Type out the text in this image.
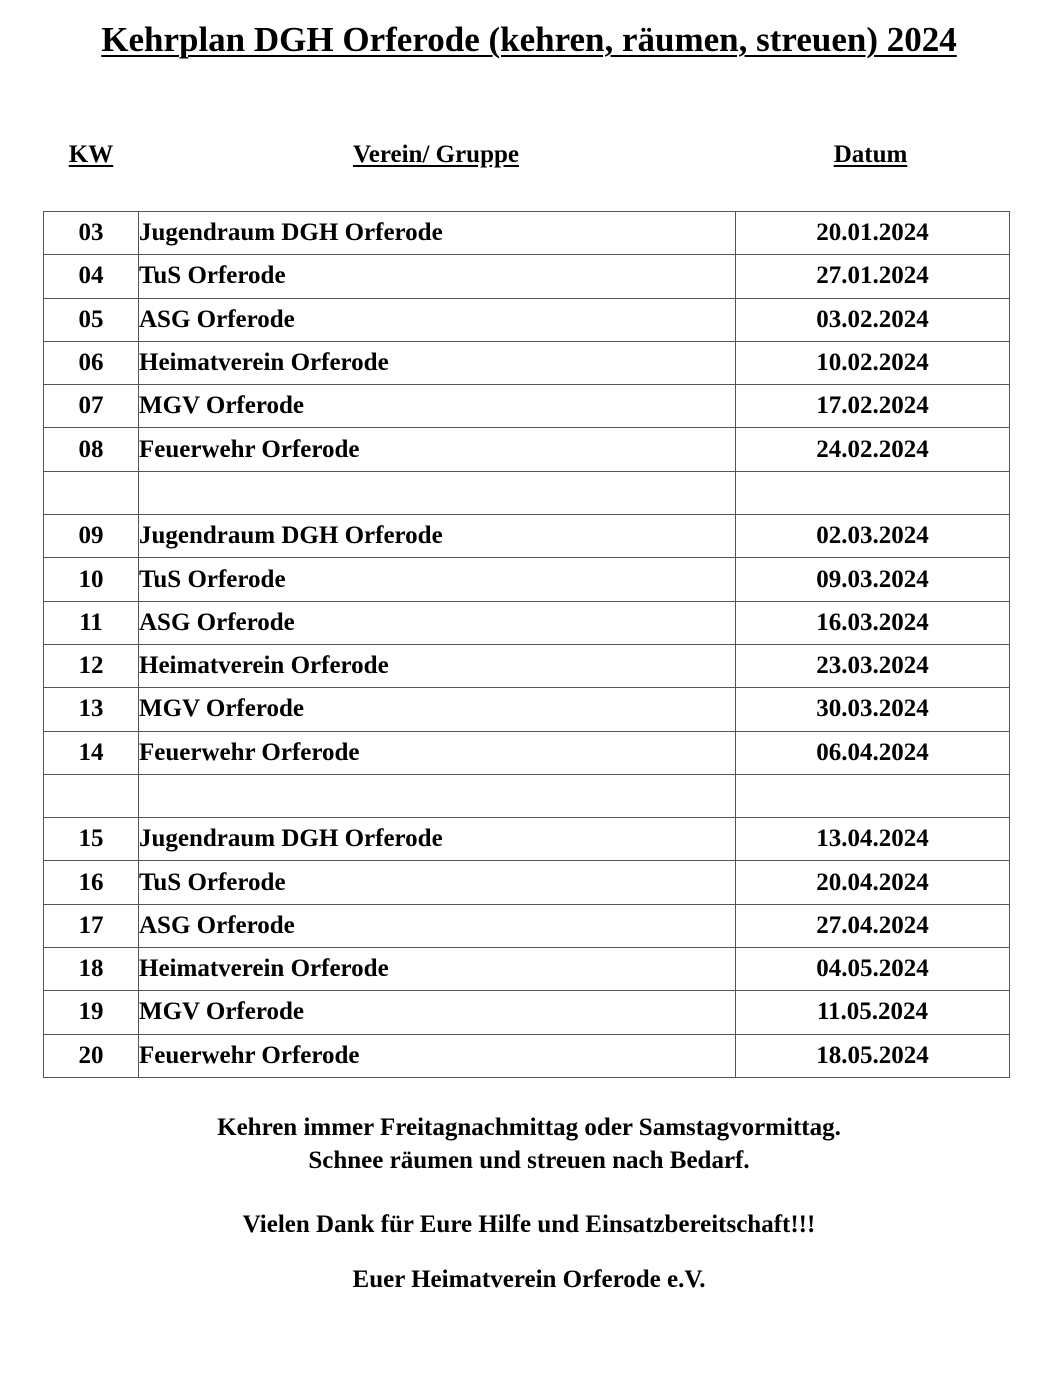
Kehrplan DGH Orferode (kehren, räumen, streuen) 2024
KW	Verein/ Gruppe	Datum
03	Jugendraum DGH Orferode	20.01.2024
04	TuS Orferode	27.01.2024
05	ASG Orferode	03.02.2024
06	Heimatverein Orferode	10.02.2024
07	MGV Orferode	17.02.2024
08	Feuerwehr Orferode	24.02.2024

09	Jugendraum DGH Orferode	02.03.2024
10	TuS Orferode	09.03.2024
11	ASG Orferode	16.03.2024
12	Heimatverein Orferode	23.03.2024
13	MGV Orferode	30.03.2024
14	Feuerwehr Orferode	06.04.2024

15	Jugendraum DGH Orferode	13.04.2024
16	TuS Orferode	20.04.2024
17	ASG Orferode	27.04.2024
18	Heimatverein Orferode	04.05.2024
19	MGV Orferode	11.05.2024
20	Feuerwehr Orferode	18.05.2024
Kehren immer Freitagnachmittag oder Samstagvormittag.
Schnee räumen und streuen nach Bedarf.
Vielen Dank für Eure Hilfe und Einsatzbereitschaft!!!
Euer Heimatverein Orferode e.V.
